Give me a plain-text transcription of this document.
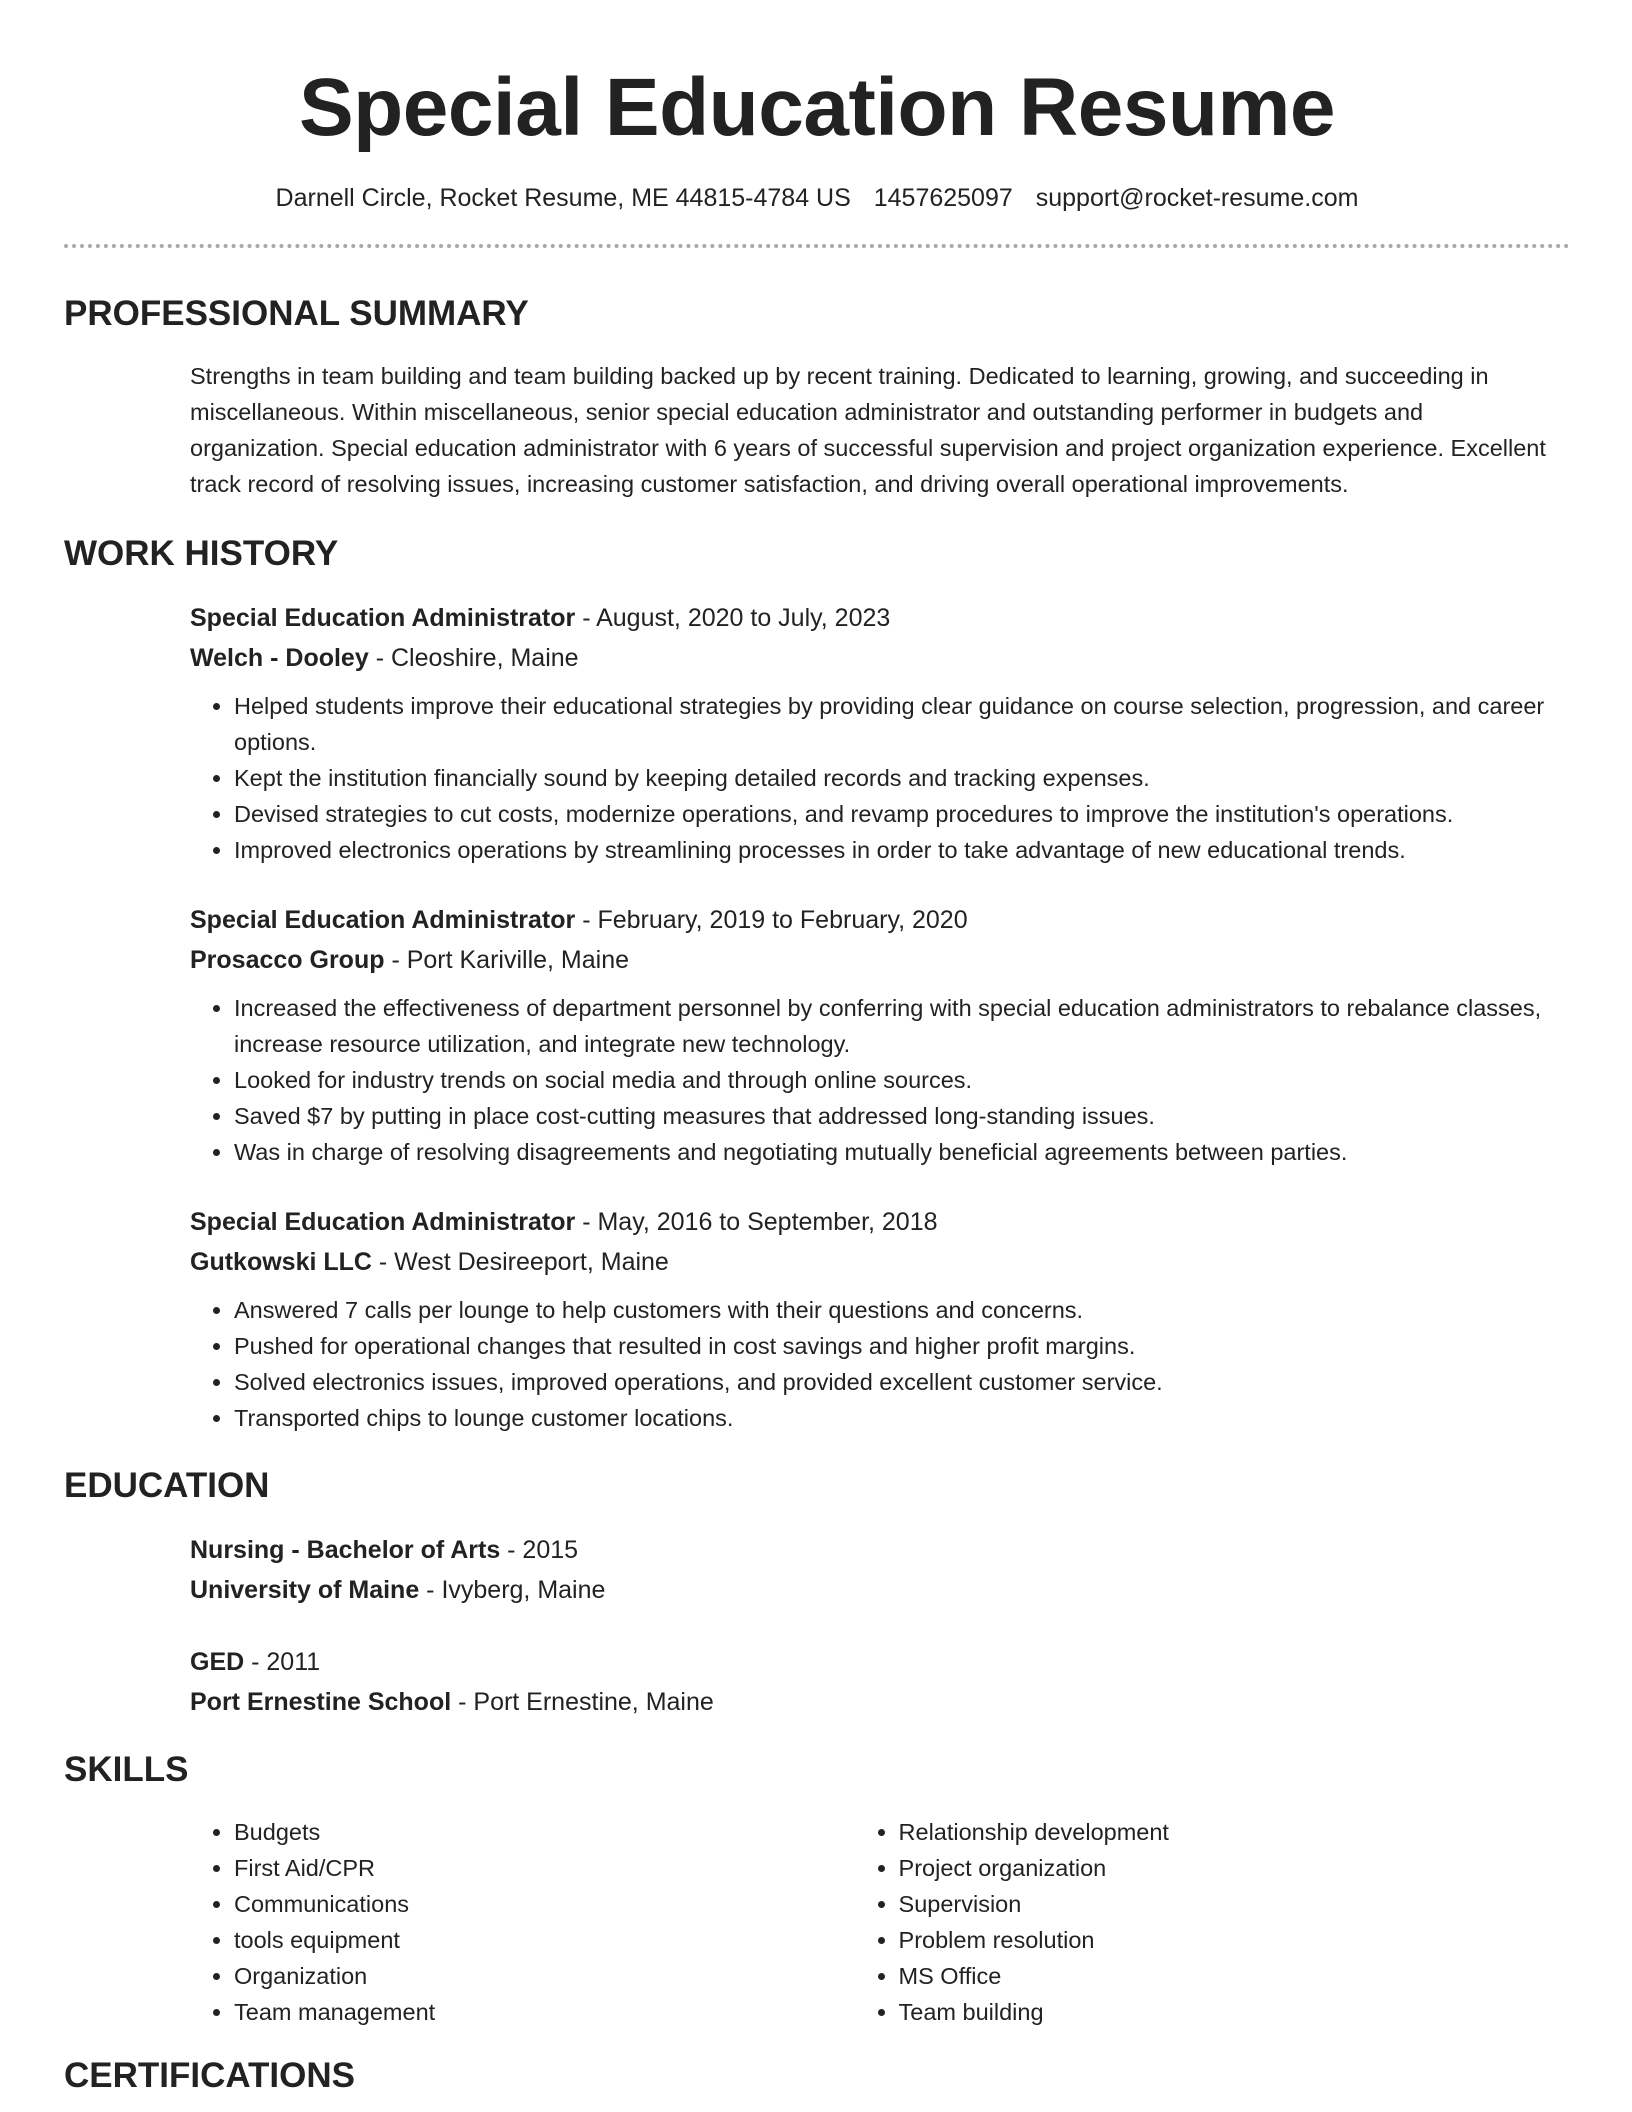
Special Education Resume
Darnell Circle, Rocket Resume, ME 44815-4784 US 1457625097 support@rocket-resume.com
PROFESSIONAL SUMMARY

Strengths in team building and team building backed up by recent training. Dedicated to learning, growing, and succeeding in miscellaneous. Within miscellaneous, senior special education administrator and outstanding performer in budgets and organization. Special education administrator with 6 years of successful supervision and project organization experience. Excellent track record of resolving issues, increasing customer satisfaction, and driving overall operational improvements.

WORK HISTORY
Special Education Administrator - August, 2020 to July, 2023
Welch - Dooley - Cleoshire, Maine
• Helped students improve their educational strategies by providing clear guidance on course selection, progression, and career options.
• Kept the institution financially sound by keeping detailed records and tracking expenses.
• Devised strategies to cut costs, modernize operations, and revamp procedures to improve the institution's operations.
• Improved electronics operations by streamlining processes in order to take advantage of new educational trends.
Special Education Administrator - February, 2019 to February, 2020
Prosacco Group - Port Kariville, Maine
• Increased the effectiveness of department personnel by conferring with special education administrators to rebalance classes, increase resource utilization, and integrate new technology.
• Looked for industry trends on social media and through online sources.
• Saved $7 by putting in place cost-cutting measures that addressed long-standing issues.
• Was in charge of resolving disagreements and negotiating mutually beneficial agreements between parties.
Special Education Administrator - May, 2016 to September, 2018
Gutkowski LLC - West Desireeport, Maine
• Answered 7 calls per lounge to help customers with their questions and concerns.
• Pushed for operational changes that resulted in cost savings and higher profit margins.
• Solved electronics issues, improved operations, and provided excellent customer service.
• Transported chips to lounge customer locations.
EDUCATION
Nursing - Bachelor of Arts - 2015
University of Maine - Ivyberg, Maine
GED - 2011
Port Ernestine School - Port Ernestine, Maine
SKILLS
• Budgets
• First Aid/CPR
• Communications
• tools equipment
• Organization
• Team management
• Relationship development
• Project organization
• Supervision
• Problem resolution
• MS Office
• Team building
CERTIFICATIONS
